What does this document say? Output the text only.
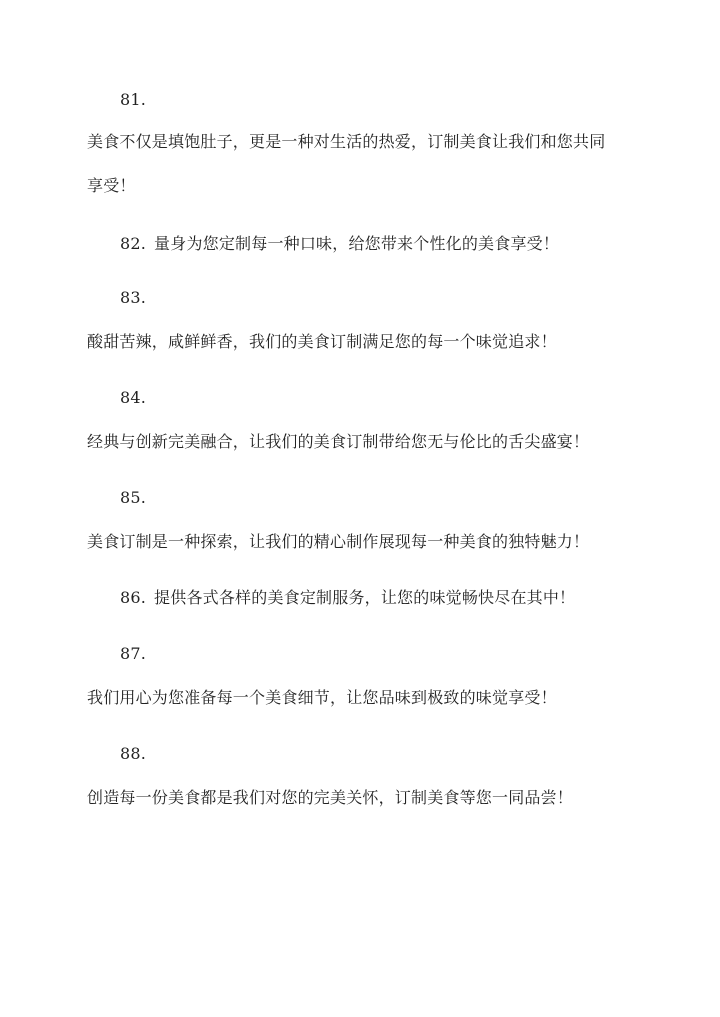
81.
美食不仅是填饱肚子，更是一种对生活的热爱，订制美食让我们和您共同
享受！
82. 量身为您定制每一种口味，给您带来个性化的美食享受！
83.
酸甜苦辣，咸鲜鲜香，我们的美食订制满足您的每一个味觉追求！
84.
经典与创新完美融合，让我们的美食订制带给您无与伦比的舌尖盛宴！
85.
美食订制是一种探索，让我们的精心制作展现每一种美食的独特魅力！
86. 提供各式各样的美食定制服务，让您的味觉畅快尽在其中！
87.
我们用心为您准备每一个美食细节，让您品味到极致的味觉享受！
88.
创造每一份美食都是我们对您的完美关怀，订制美食等您一同品尝！
